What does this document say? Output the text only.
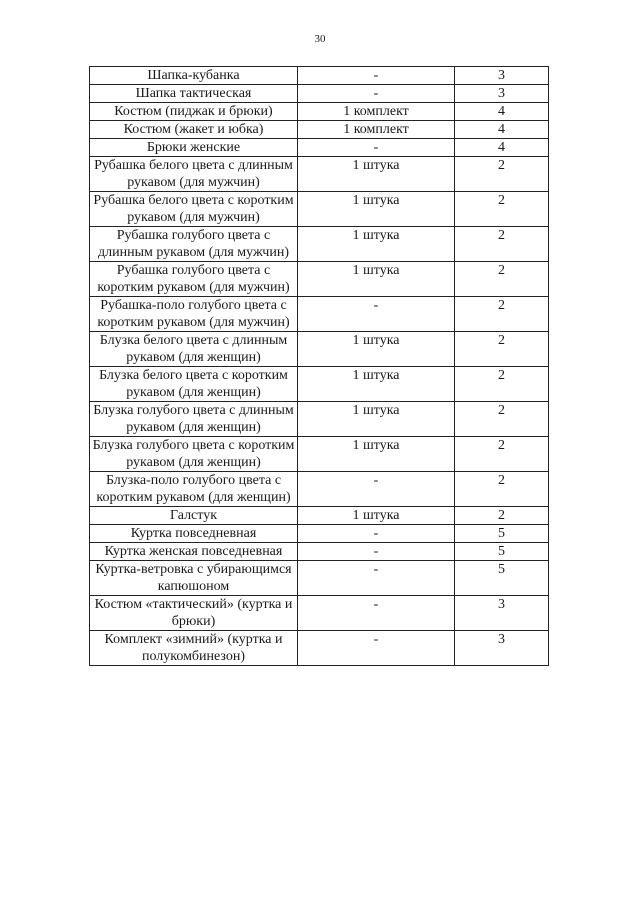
30
Шапка-кубанка	-	3
Шапка тактическая	-	3
Костюм (пиджак и брюки)	1 комплект	4
Костюм (жакет и юбка)	1 комплект	4
Брюки женские	-	4
Рубашка белого цвета с длинным рукавом (для мужчин)	1 штука	2
Рубашка белого цвета с коротким рукавом (для мужчин)	1 штука	2
Рубашка голубого цвета с длинным рукавом (для мужчин)	1 штука	2
Рубашка голубого цвета с коротким рукавом (для мужчин)	1 штука	2
Рубашка-поло голубого цвета с коротким рукавом (для мужчин)	-	2
Блузка белого цвета с длинным рукавом (для женщин)	1 штука	2
Блузка белого цвета с коротким рукавом (для женщин)	1 штука	2
Блузка голубого цвета с длинным рукавом (для женщин)	1 штука	2
Блузка голубого цвета с коротким рукавом (для женщин)	1 штука	2
Блузка-поло голубого цвета с коротким рукавом (для женщин)	-	2
Галстук	1 штука	2
Куртка повседневная	-	5
Куртка женская повседневная	-	5
Куртка-ветровка с убирающимся капюшоном	-	5
Костюм «тактический» (куртка и брюки)	-	3
Комплект «зимний» (куртка и полукомбинезон)	-	3
